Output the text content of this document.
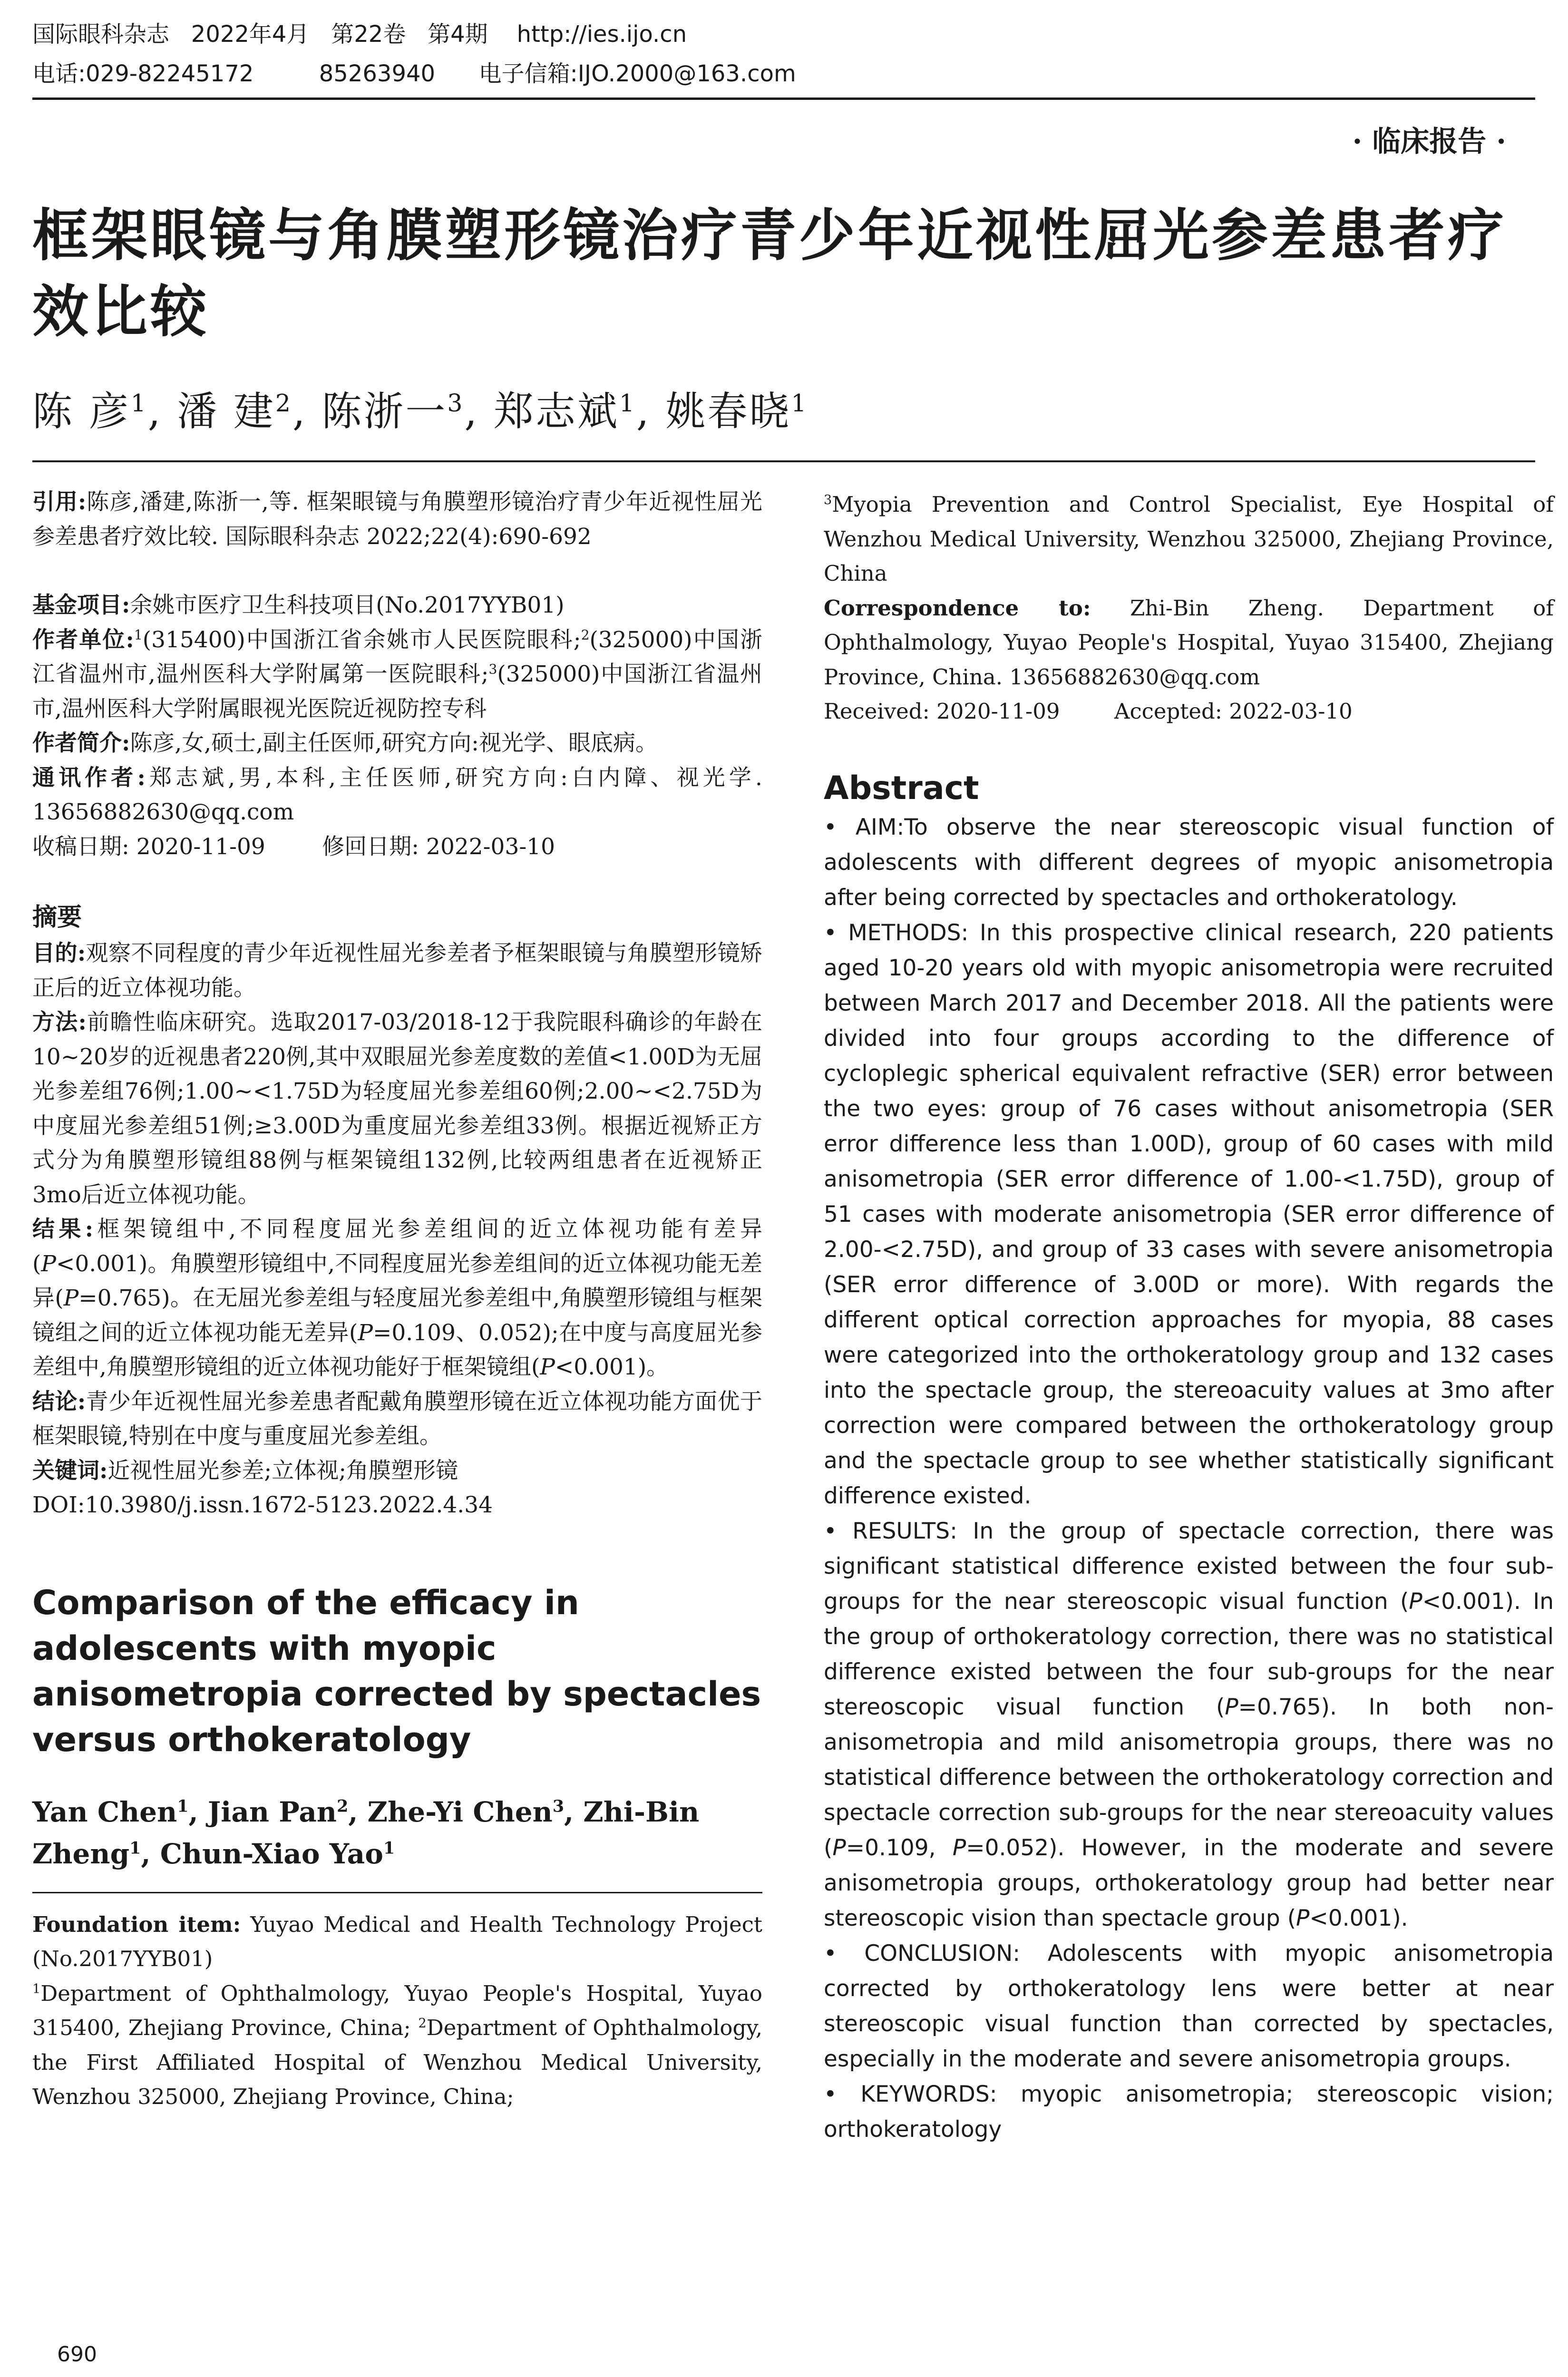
国际眼科杂志   2022年4月   第22卷   第4期    http://ies.ijo.cn
电话:029-82245172         85263940      电子信箱:IJO.2000@163.com
· 临床报告 ·
框架眼镜与角膜塑形镜治疗青少年近视性屈光参差患者疗效比较
陈 彦$^1$, 潘 建$^2$, 陈浙一$^3$, 郑志斌$^1$, 姚春晓$^1$

引用:陈彦,潘建,陈浙一,等. 框架眼镜与角膜塑形镜治疗青少年近视性屈光参差患者疗效比较. 国际眼科杂志 2022;22(4):690-692

基金项目:余姚市医疗卫生科技项目(No.2017YYB01)

作者单位:$^1$(315400)中国浙江省余姚市人民医院眼科;$^2$(325000)中国浙江省温州市,温州医科大学附属第一医院眼科;$^3$(325000)中国浙江省温州市,温州医科大学附属眼视光医院近视防控专科

作者简介:陈彦,女,硕士,副主任医师,研究方向:视光学、眼底病。

通讯作者:郑志斌,男,本科,主任医师,研究方向:白内障、视光学. 13656882630@qq.com

收稿日期: 2020-11-09        修回日期: 2022-03-10

摘要

目的:观察不同程度的青少年近视性屈光参差者予框架眼镜与角膜塑形镜矫正后的近立体视功能。

方法:前瞻性临床研究。选取2017-03/2018-12于我院眼科确诊的年龄在10~20岁的近视患者220例,其中双眼屈光参差度数的差值<1.00D为无屈光参差组76例;1.00~<1.75D为轻度屈光参差组60例;2.00~<2.75D为中度屈光参差组51例;≥3.00D为重度屈光参差组33例。根据近视矫正方式分为角膜塑形镜组88例与框架镜组132例,比较两组患者在近视矫正3mo后近立体视功能。

结果:框架镜组中,不同程度屈光参差组间的近立体视功能有差异(P<0.001)。角膜塑形镜组中,不同程度屈光参差组间的近立体视功能无差异(P=0.765)。在无屈光参差组与轻度屈光参差组中,角膜塑形镜组与框架镜组之间的近立体视功能无差异(P=0.109、0.052);在中度与高度屈光参差组中,角膜塑形镜组的近立体视功能好于框架镜组(P<0.001)。

结论:青少年近视性屈光参差患者配戴角膜塑形镜在近立体视功能方面优于框架眼镜,特别在中度与重度屈光参差组。

关键词:近视性屈光参差;立体视;角膜塑形镜

DOI:10.3980/j.issn.1672-5123.2022.4.34

Comparison of the efficacy in adolescents with myopic anisometropia corrected by spectacles versus orthokeratology

Yan Chen$^1$, Jian Pan$^2$, Zhe-Yi Chen$^3$, Zhi-Bin Zheng$^1$, Chun-Xiao Yao$^1$

Foundation item: Yuyao Medical and Health Technology Project (No.2017YYB01)

$^1$Department of Ophthalmology, Yuyao People's Hospital, Yuyao 315400, Zhejiang Province, China; $^2$Department of Ophthalmology, the First Affiliated Hospital of Wenzhou Medical University, Wenzhou 325000, Zhejiang Province, China;

$^3$Myopia Prevention and Control Specialist, Eye Hospital of Wenzhou Medical University, Wenzhou 325000, Zhejiang Province, China

Correspondence to: Zhi-Bin Zheng. Department of Ophthalmology, Yuyao People's Hospital, Yuyao 315400, Zhejiang Province, China. 13656882630@qq.com

Received: 2020-11-09        Accepted: 2022-03-10

Abstract

• AIM:To observe the near stereoscopic visual function of adolescents with different degrees of myopic anisometropia after being corrected by spectacles and orthokeratology.

• METHODS: In this prospective clinical research, 220 patients aged 10-20 years old with myopic anisometropia were recruited between March 2017 and December 2018. All the patients were divided into four groups according to the difference of cycloplegic spherical equivalent refractive (SER) error between the two eyes: group of 76 cases without anisometropia (SER error difference less than 1.00D), group of 60 cases with mild anisometropia (SER error difference of 1.00-<1.75D), group of 51 cases with moderate anisometropia (SER error difference of 2.00-<2.75D), and group of 33 cases with severe anisometropia (SER error difference of 3.00D or more). With regards the different optical correction approaches for myopia, 88 cases were categorized into the orthokeratology group and 132 cases into the spectacle group, the stereoacuity values at 3mo after correction were compared between the orthokeratology group and the spectacle group to see whether statistically significant difference existed.

• RESULTS: In the group of spectacle correction, there was significant statistical difference existed between the four sub-groups for the near stereoscopic visual function (P<0.001). In the group of orthokeratology correction, there was no statistical difference existed between the four sub-groups for the near stereoscopic visual function (P=0.765). In both non-anisometropia and mild anisometropia groups, there was no statistical difference between the orthokeratology correction and spectacle correction sub-groups for the near stereoacuity values (P=0.109, P=0.052). However, in the moderate and severe anisometropia groups, orthokeratology group had better near stereoscopic vision than spectacle group (P<0.001).

• CONCLUSION: Adolescents with myopic anisometropia corrected by orthokeratology lens were better at near stereoscopic visual function than corrected by spectacles, especially in the moderate and severe anisometropia groups.

• KEYWORDS: myopic anisometropia; stereoscopic vision; orthokeratology

690
